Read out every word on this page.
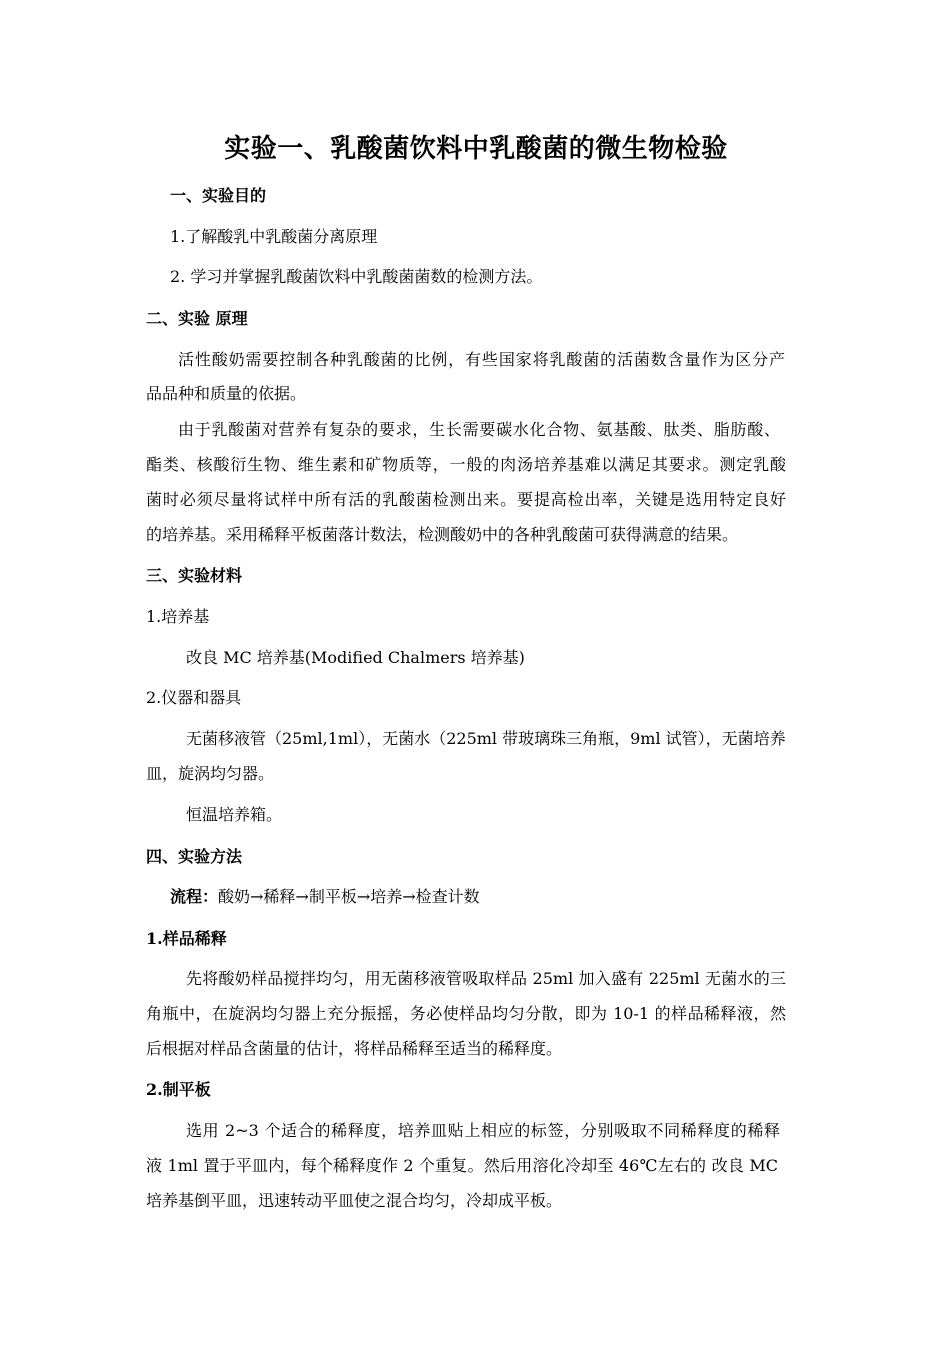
实验一、乳酸菌饮料中乳酸菌的微生物检验
一、实验目的
1.了解酸乳中乳酸菌分离原理
2. 学习并掌握乳酸菌饮料中乳酸菌菌数的检测方法。
二、实验 原理
活性酸奶需要控制各种乳酸菌的比例，有些国家将乳酸菌的活菌数含量作为区分产
品品种和质量的依据。
由于乳酸菌对营养有复杂的要求，生长需要碳水化合物、氨基酸、肽类、脂肪酸、
酯类、核酸衍生物、维生素和矿物质等，一般的肉汤培养基难以满足其要求。测定乳酸
菌时必须尽量将试样中所有活的乳酸菌检测出来。要提高检出率，关键是选用特定良好
的培养基。采用稀释平板菌落计数法，检测酸奶中的各种乳酸菌可获得满意的结果。
三、实验材料
1.培养基
改良 MC 培养基(Modified Chalmers 培养基)
2.仪器和器具
无菌移液管（25ml,1ml），无菌水（225ml 带玻璃珠三角瓶，9ml 试管），无菌培养
皿，旋涡均匀器。
恒温培养箱。
四、实验方法
流程：酸奶→稀释→制平板→培养→检查计数
1.样品稀释
先将酸奶样品搅拌均匀，用无菌移液管吸取样品 25ml 加入盛有 225ml 无菌水的三
角瓶中，在旋涡均匀器上充分振摇，务必使样品均匀分散，即为 10-1 的样品稀释液，然
后根据对样品含菌量的估计，将样品稀释至适当的稀释度。
2.制平板
选用 2~3 个适合的稀释度，培养皿贴上相应的标签，分别吸取不同稀释度的稀释
液 1ml 置于平皿内，每个稀释度作 2 个重复。然后用溶化冷却至 46℃左右的 改良 MC
培养基倒平皿，迅速转动平皿使之混合均匀，冷却成平板。
